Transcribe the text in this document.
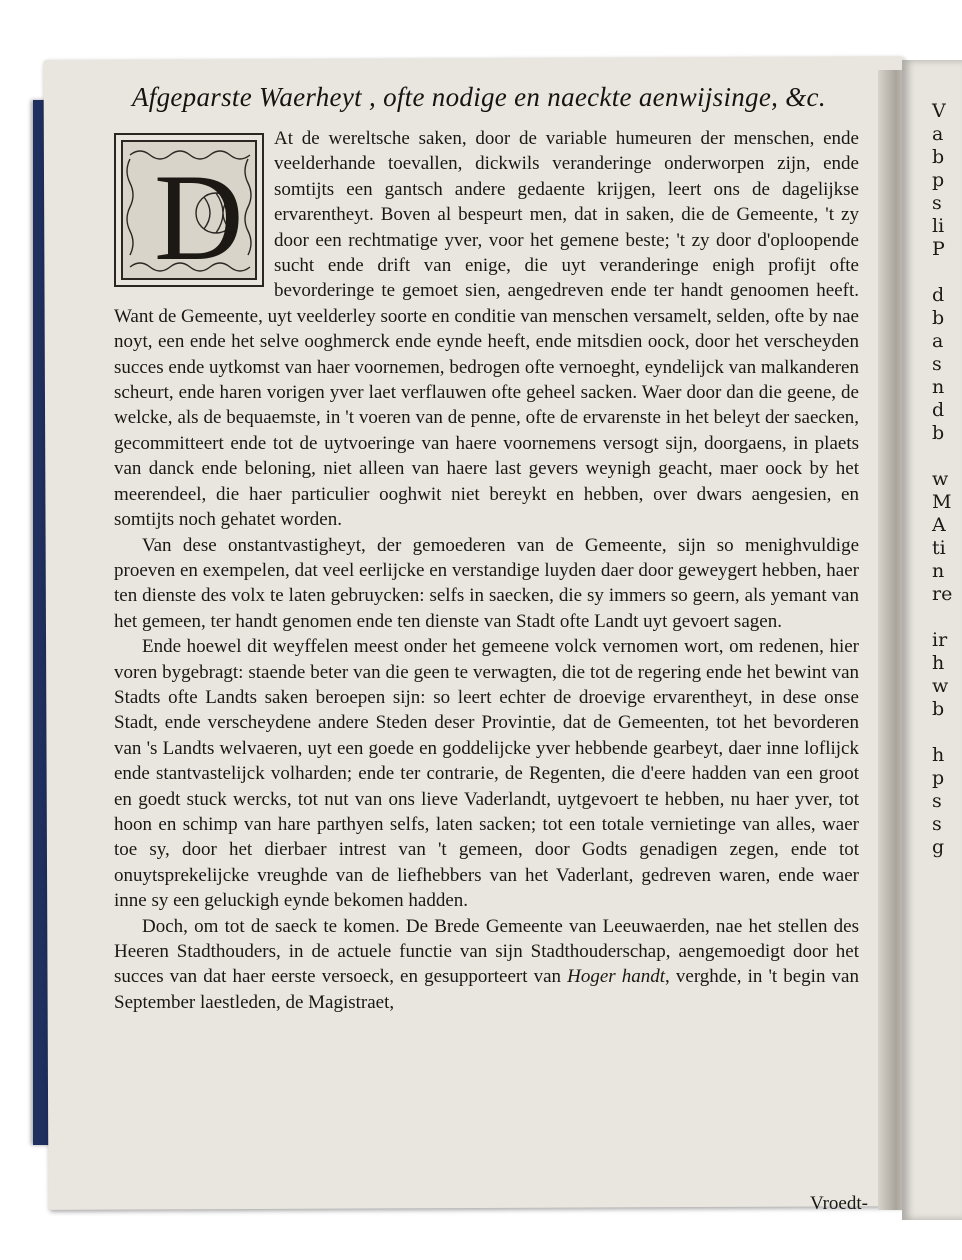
V
a
b
p
s
li
P
d
b
a
s
n
d
b
w
M
A
ti
n
re
ir
h
w
b
h
p
s
s
g
Afgeparste Waerheyt , ofte nodige en naeckte aenwijsinge, &c.
D

At de wereltsche saken, door de variable humeuren der menschen, ende veelderhande toevallen, dickwils veranderinge onderworpen zijn, ende somtijts een gantsch andere gedaente krijgen, leert ons de dagelijkse ervarentheyt. Boven al bespeurt men, dat in saken, die de Gemeente, 't zy door een rechtmatige yver, voor het gemene beste; 't zy door d'oploopende sucht ende drift van enige, die uyt veranderinge enigh profijt ofte bevorderinge te gemoet sien, aengedreven ende ter handt genoomen heeft. Want de Gemeente, uyt veelderley soorte en conditie van menschen versamelt, selden, ofte by nae noyt, een ende het selve ooghmerck ende eynde heeft, ende mitsdien oock, door het verscheyden succes ende uytkomst van haer voornemen, bedrogen ofte vernoeght, eyndelijck van malkanderen scheurt, ende haren vorigen yver laet verflauwen ofte geheel sacken. Waer door dan die geene, de welcke, als de bequaemste, in 't voeren van de penne, ofte de ervarenste in het beleyt der saecken, gecommitteert ende tot de uytvoeringe van haere voornemens versogt sijn, doorgaens, in plaets van danck ende beloning, niet alleen van haere last gevers weynigh geacht, maer oock by het meerendeel, die haer particulier ooghwit niet bereykt en hebben, over dwars aengesien, en somtijts noch gehatet worden.

Van dese onstantvastigheyt, der gemoederen van de Gemeente, sijn so menighvuldige proeven en exempelen, dat veel eerlijcke en verstandige luyden daer door geweygert hebben, haer ten dienste des volx te laten gebruycken: selfs in saecken, die sy immers so geern, als yemant van het gemeen, ter handt genomen ende ten dienste van Stadt ofte Landt uyt gevoert sagen.

Ende hoewel dit weyffelen meest onder het gemeene volck vernomen wort, om redenen, hier voren bygebragt: staende beter van die geen te verwagten, die tot de regering ende het bewint van Stadts ofte Landts saken beroepen sijn: so leert echter de droevige ervarentheyt, in dese onse Stadt, ende verscheydene andere Steden deser Provintie, dat de Gemeenten, tot het bevorderen van 's Landts welvaeren, uyt een goede en goddelijcke yver hebbende gearbeyt, daer inne loflijck ende stantvastelijck volharden; ende ter contrarie, de Regenten, die d'eere hadden van een groot en goedt stuck wercks, tot nut van ons lieve Vaderlandt, uytgevoert te hebben, nu haer yver, tot hoon en schimp van hare parthyen selfs, laten sacken; tot een totale vernietinge van alles, waer toe sy, door het dierbaer intrest van 't gemeen, door Godts genadigen zegen, ende tot onuytsprekelijcke vreughde van de liefhebbers van het Vaderlant, gedreven waren, ende waer inne sy een geluckigh eynde bekomen hadden.

Doch, om tot de saeck te komen. De Brede Gemeente van Leeuwaerden, nae het stellen des Heeren Stadthouders, in de actuele functie van sijn Stadthouderschap, aengemoedigt door het succes van dat haer eerste versoeck, en gesupporteert van Hoger handt, verghde, in 't begin van September laestleden, de Magistraet,

Vroedt-
